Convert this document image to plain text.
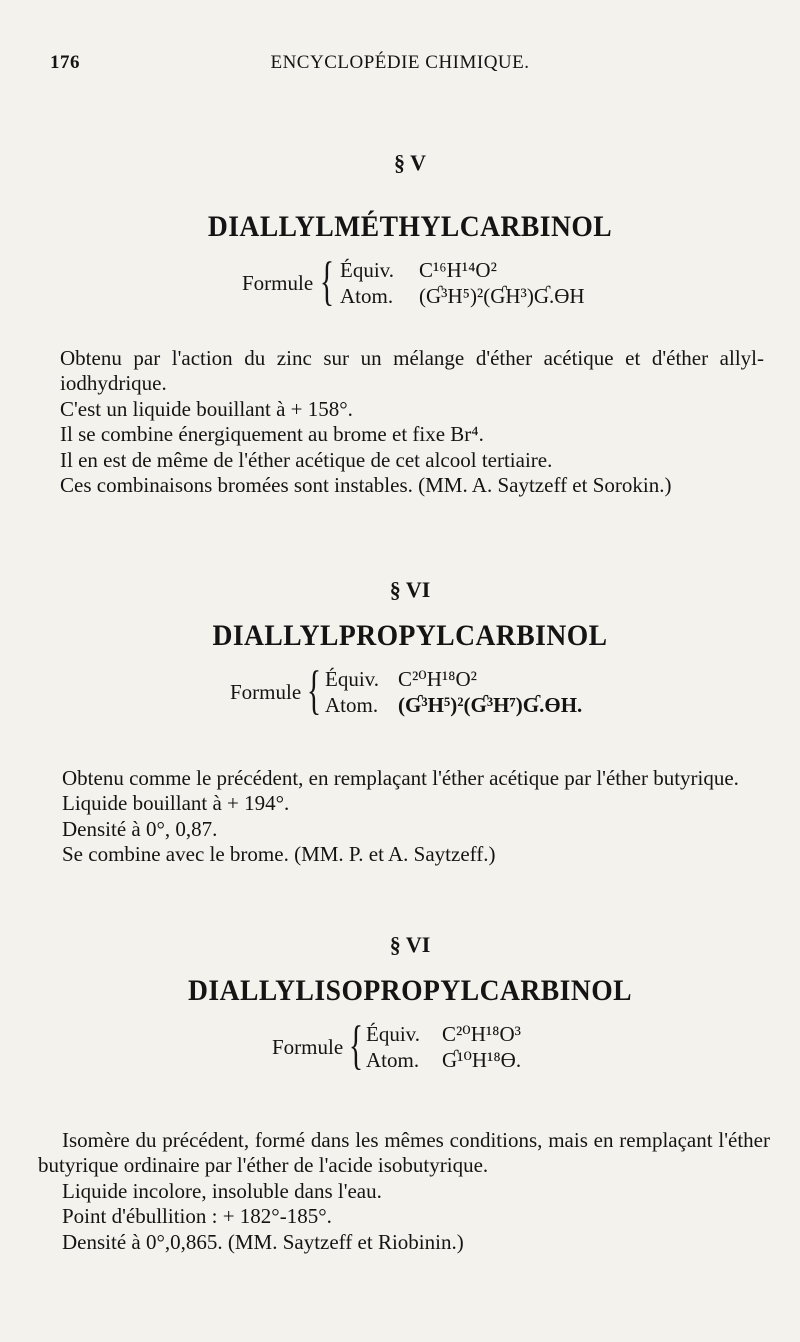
176	ENCYCLOPÉDIE CHIMIQUE.
§ V
DIALLYLMÉTHYLCARBINOL
Formule { Équiv. C¹⁶H¹⁴O²
Atom. (Ɠ³H⁵)²(ƓH³)Ɠ.ƟH

Obtenu par l'action du zinc sur un mélange d'éther acétique et d'éther allyl-iodhydrique.

C'est un liquide bouillant à + 158°.

Il se combine énergiquement au brome et fixe Br⁴.

Il en est de même de l'éther acétique de cet alcool tertiaire.

Ces combinaisons bromées sont instables. (MM. A. Saytzeff et Sorokin.)

§ VI
DIALLYLPROPYLCARBINOL
Formule { Équiv. C²⁰H¹⁸O²
Atom. (Ɠ³H⁵)²(Ɠ³H⁷)Ɠ.ƟH.

Obtenu comme le précédent, en remplaçant l'éther acétique par l'éther butyrique.

Liquide bouillant à + 194°.

Densité à 0°, 0,87.

Se combine avec le brome. (MM. P. et A. Saytzeff.)

§ VI
DIALLYLISOPROPYLCARBINOL
Formule { Équiv. C²⁰H¹⁸O³
Atom. Ɠ¹⁰H¹⁸Ɵ.

Isomère du précédent, formé dans les mêmes conditions, mais en remplaçant l'éther butyrique ordinaire par l'éther de l'acide isobutyrique.

Liquide incolore, insoluble dans l'eau.

Point d'ébullition : + 182°-185°.

Densité à 0°,0,865. (MM. Saytzeff et Riobinin.)
